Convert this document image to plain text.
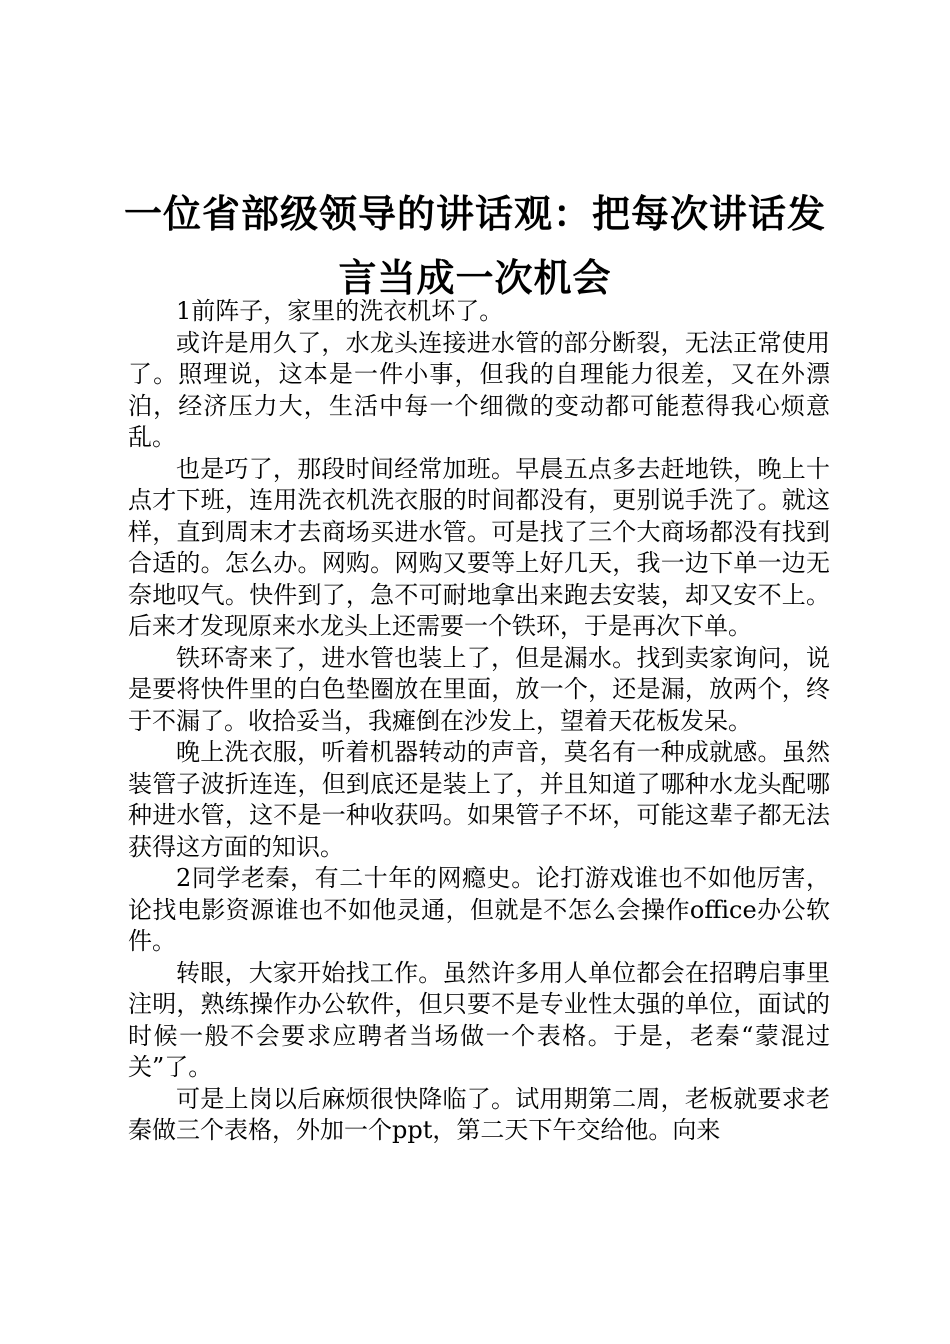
一位省部级领导的讲话观：把每次讲话发言当成一次机会

1前阵子，家里的洗衣机坏了。

或许是用久了，水龙头连接进水管的部分断裂，无法正常使用了。照理说，这本是一件小事，但我的自理能力很差，又在外漂泊，经济压力大，生活中每一个细微的变动都可能惹得我心烦意乱。

也是巧了，那段时间经常加班。早晨五点多去赶地铁，晚上十点才下班，连用洗衣机洗衣服的时间都没有，更别说手洗了。就这样，直到周末才去商场买进水管。可是找了三个大商场都没有找到合适的。怎么办。网购。网购又要等上好几天，我一边下单一边无奈地叹气。快件到了，急不可耐地拿出来跑去安装，却又安不上。后来才发现原来水龙头上还需要一个铁环，于是再次下单。

铁环寄来了，进水管也装上了，但是漏水。找到卖家询问，说是要将快件里的白色垫圈放在里面，放一个，还是漏，放两个，终于不漏了。收拾妥当，我瘫倒在沙发上，望着天花板发呆。

晚上洗衣服，听着机器转动的声音，莫名有一种成就感。虽然装管子波折连连，但到底还是装上了，并且知道了哪种水龙头配哪种进水管，这不是一种收获吗。如果管子不坏，可能这辈子都无法获得这方面的知识。

2同学老秦，有二十年的网瘾史。论打游戏谁也不如他厉害，论找电影资源谁也不如他灵通，但就是不怎么会操作office办公软件。

转眼，大家开始找工作。虽然许多用人单位都会在招聘启事里注明，熟练操作办公软件，但只要不是专业性太强的单位，面试的时候一般不会要求应聘者当场做一个表格。于是，老秦“蒙混过关”了。

可是上岗以后麻烦很快降临了。试用期第二周，老板就要求老秦做三个表格，外加一个ppt，第二天下午交给他。向来
